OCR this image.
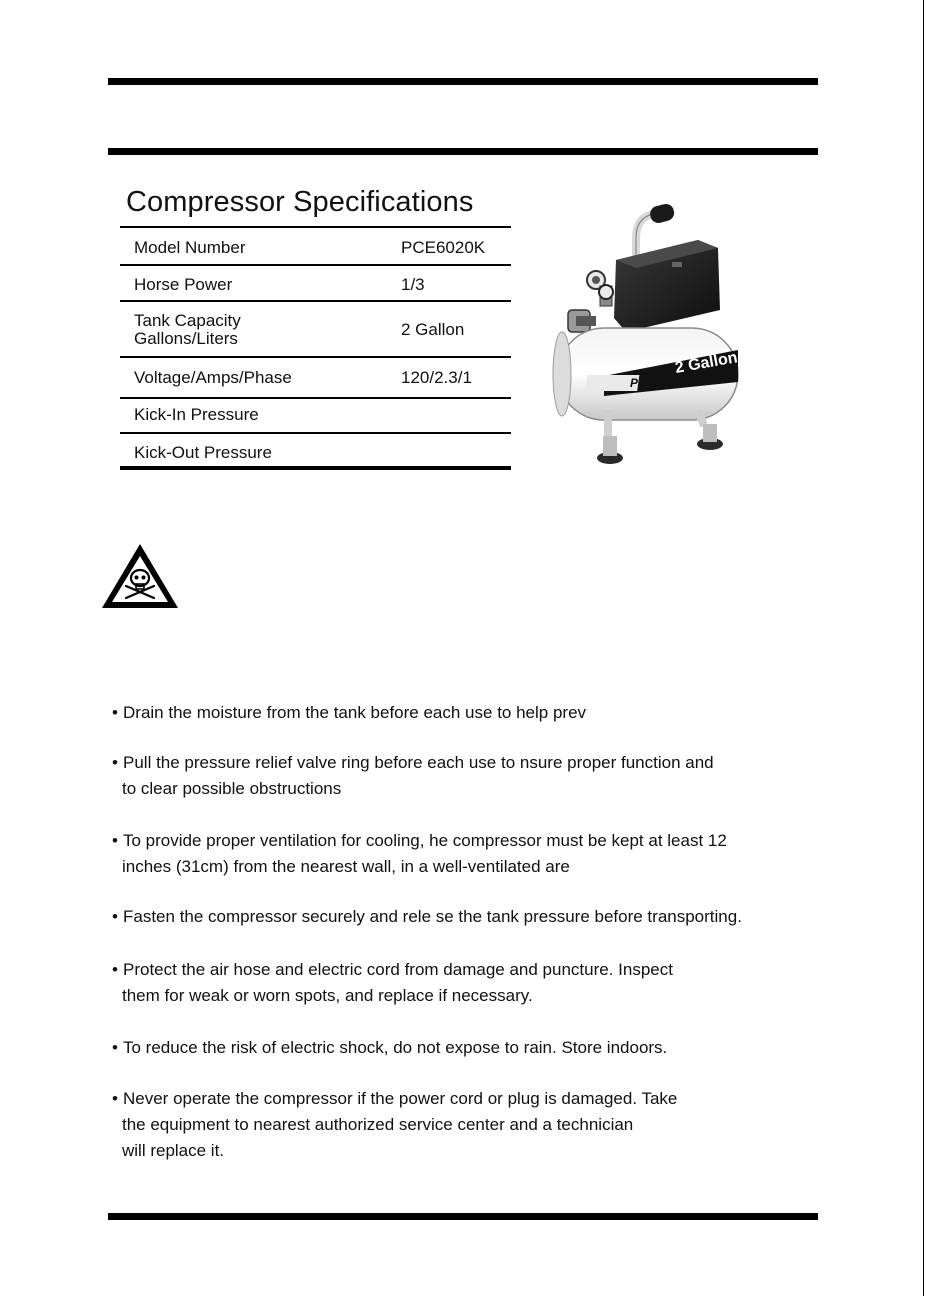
Compressor Specifications
Model Number	PCE6020K
Horse Power	1/3
Tank Capacity
Gallons/Liters	2 Gallon
Voltage/Amps/Phase	120/2.3/1
Kick-In Pressure
Kick-Out Pressure
Pulsar
2 Gallon
• Drain the moisture from the tank before each use to help prev
• Pull the pressure relief valve ring before each use to nsure proper function and
to clear possible obstructions
• To provide proper ventilation for cooling, he compressor must be kept at least 12
inches (31cm) from the nearest wall, in a well-ventilated are
• Fasten the compressor securely and rele se the tank pressure before transporting.
• Protect the air hose and electric cord from damage and puncture. Inspect
them for weak or worn spots, and replace if necessary.
• To reduce the risk of electric shock, do not expose to rain. Store indoors.
• Never operate the compressor if the power cord or plug is damaged. Take
the equipment to nearest authorized service center and a technician
will replace it.
